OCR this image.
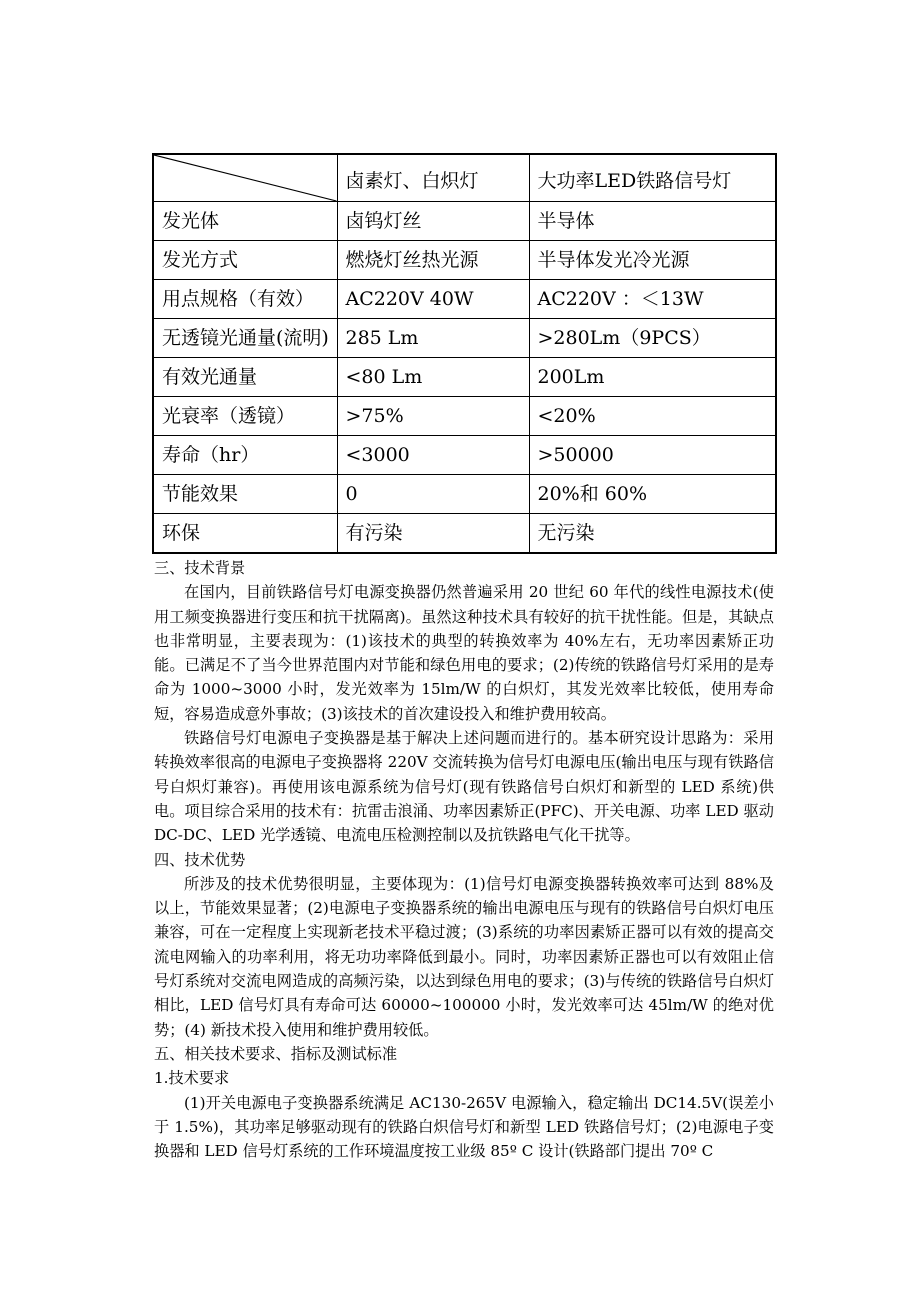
	卤素灯、白炽灯	大功率LED铁路信号灯
发光体	卤钨灯丝	半导体
发光方式	燃烧灯丝热光源	半导体发光冷光源
用点规格（有效）	AC220V 40W	AC220V ：＜13W
无透镜光通量(流明)	285 Lm	>280Lm（9PCS）
有效光通量	<80 Lm	200Lm
光衰率（透镜）	>75%	<20%
寿命（hr）	<3000	>50000
节能效果	0	20%和 60%
环保	有污染	无污染

三、技术背景

在国内，目前铁路信号灯电源变换器仍然普遍采用 20 世纪 60 年代的线性电源技术(使用工频变换器进行变压和抗干扰隔离)。虽然这种技术具有较好的抗干扰性能。但是，其缺点也非常明显，主要表现为：(1)该技术的典型的转换效率为 40%左右，无功率因素矫正功能。已满足不了当今世界范围内对节能和绿色用电的要求；(2)传统的铁路信号灯采用的是寿命为 1000~3000 小时，发光效率为 15lm/W 的白炽灯，其发光效率比较低，使用寿命短，容易造成意外事故；(3)该技术的首次建设投入和维护费用较高。

铁路信号灯电源电子变换器是基于解决上述问题而进行的。基本研究设计思路为：采用转换效率很高的电源电子变换器将 220V 交流转换为信号灯电源电压(输出电压与现有铁路信号白炽灯兼容)。再使用该电源系统为信号灯(现有铁路信号白炽灯和新型的 LED 系统)供电。项目综合采用的技术有：抗雷击浪涌、功率因素矫正(PFC)、开关电源、功率 LED 驱动 DC-DC、LED 光学透镜、电流电压检测控制以及抗铁路电气化干扰等。

四、技术优势

所涉及的技术优势很明显，主要体现为：(1)信号灯电源变换器转换效率可达到 88%及以上，节能效果显著；(2)电源电子变换器系统的输出电源电压与现有的铁路信号白炽灯电压兼容，可在一定程度上实现新老技术平稳过渡；(3)系统的功率因素矫正器可以有效的提高交流电网输入的功率利用，将无功功率降低到最小。同时，功率因素矫正器也可以有效阻止信号灯系统对交流电网造成的高频污染，以达到绿色用电的要求；(3)与传统的铁路信号白炽灯相比，LED 信号灯具有寿命可达 60000~100000 小时，发光效率可达 45lm/W 的绝对优势；(4) 新技术投入使用和维护费用较低。

五、相关技术要求、指标及测试标准

1.技术要求

(1)开关电源电子变换器系统满足 AC130-265V 电源输入，稳定输出 DC14.5V(误差小于 1.5%)，其功率足够驱动现有的铁路白炽信号灯和新型 LED 铁路信号灯；(2)电源电子变换器和 LED 信号灯系统的工作环境温度按工业级 85º C 设计(铁路部门提出 70º C
